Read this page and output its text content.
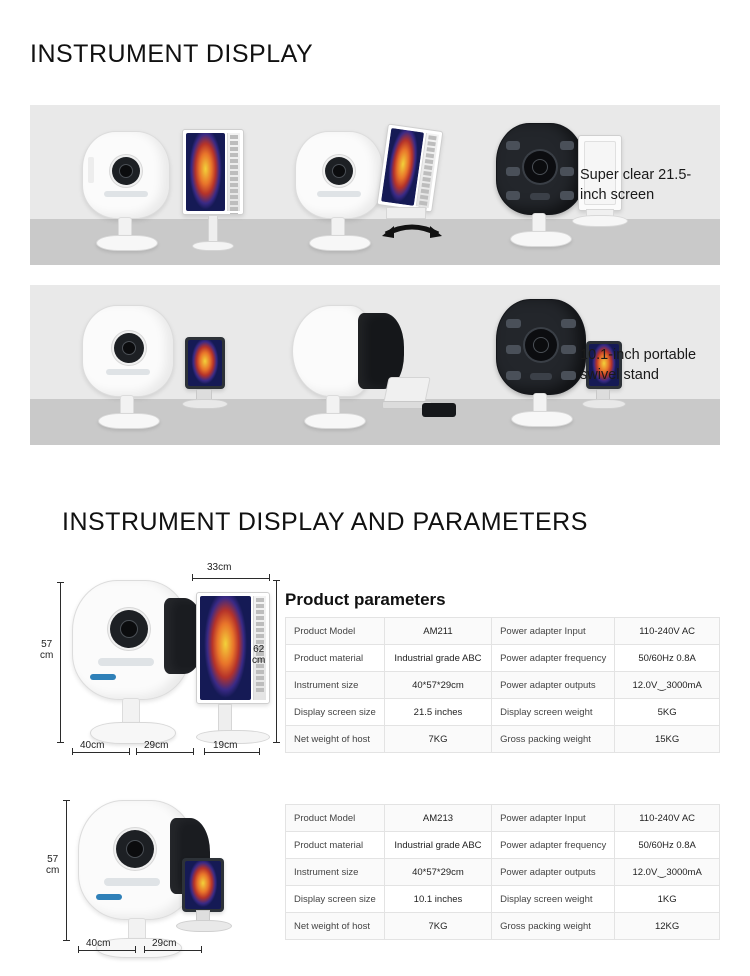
INSTRUMENT DISPLAY
Super clear 21.5-inch screen
10.1-inch portable swivel stand
INSTRUMENT DISPLAY AND PARAMETERS
57
cm
33cm
62
cm
40cm	29cm	19cm
Product parameters
Product Model	AM211	Power adapter Input	110-240V AC
Product material	Industrial grade ABC	Power adapter frequency	50/60Hz 0.8A
Instrument size	40*57*29cm	Power adapter outputs	12.0V⏝3000mA
Display screen size	21.5 inches	Display screen weight	5KG
Net weight of host	7KG	Gross packing weight	15KG
57
cm
40cm	29cm
Product Model	AM213	Power adapter Input	110-240V AC
Product material	Industrial grade ABC	Power adapter frequency	50/60Hz 0.8A
Instrument size	40*57*29cm	Power adapter outputs	12.0V⏝3000mA
Display screen size	10.1 inches	Display screen weight	1KG
Net weight of host	7KG	Gross packing weight	12KG
